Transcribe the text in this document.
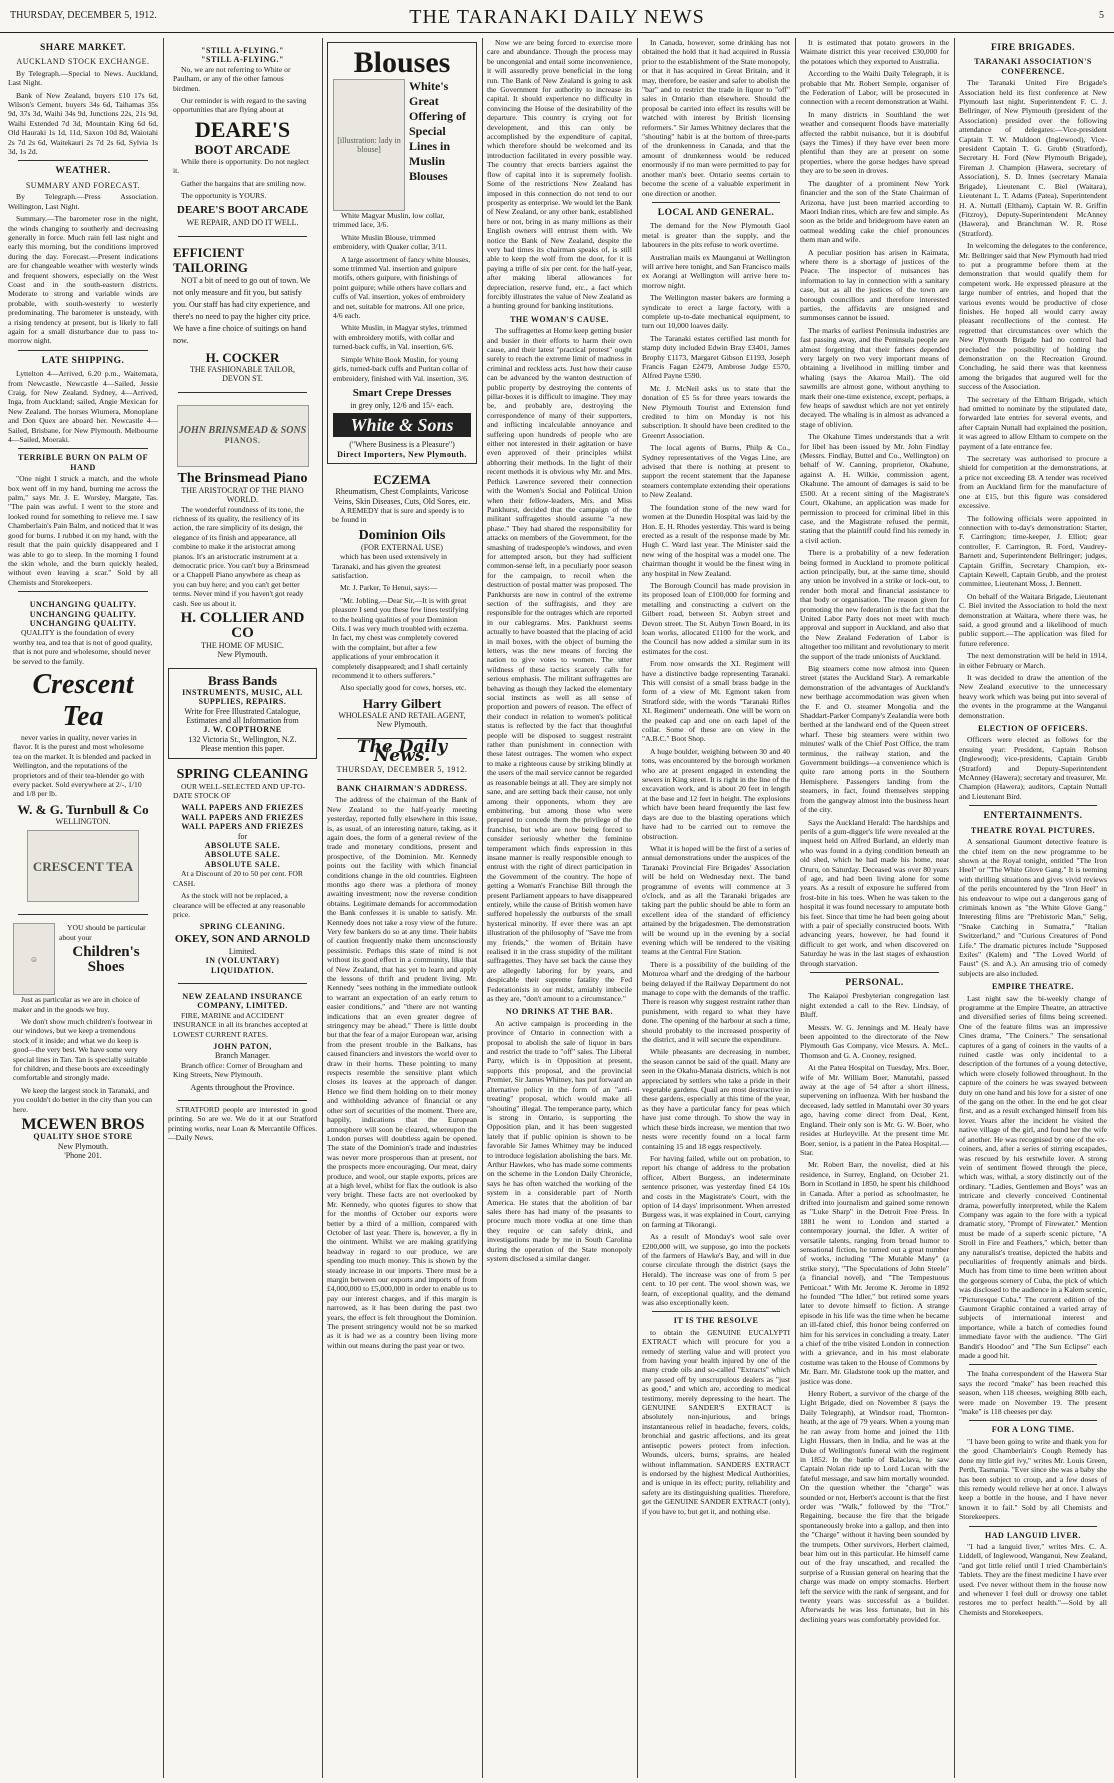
THURSDAY, DECEMBER 5, 1912.	THE TARANAKI DAILY NEWS	5
SHARE MARKET.
AUCKLAND STOCK EXCHANGE.

By Telegraph.—Special to News. Auckland, Last Night.

Bank of New Zealand, buyers £10 17s 6d, Wilson's Cement, buyers 34s 6d, Taihamas 35s 9d, 37s 3d, Waihi 34s 9d, Junctions 22s, 21s 9d, Waihi Extended 7d 3d, Mountain King 6d 6d, Old Hauraki 1s 1d, 11d, Saxon 10d 8d, Waiotahi 2s 7d 2s 6d, Waitekauri 2s 7d 2s 6d, Sylvia 1s 3d, 1s 2d.

WEATHER.
SUMMARY AND FORECAST.

By Telegraph.—Press Association. Wellington, Last Night.

Summary.—The barometer rose in the night, the winds changing to southerly and decreasing generally in force. Much rain fell last night and early this morning, but the conditions improved during the day. Forecast.—Present indications are for changeable weather with westerly winds and frequent showers, especially on the West Coast and in the south-eastern districts. Moderate to strong and variable winds are probable, with south-westerly to westerly predominating. The barometer is unsteady, with a rising tendency at present, but is likely to fall again for a small disturbance due to pass to-morrow night.

LATE SHIPPING.

Lyttelton 4—Arrived, 6.20 p.m., Waitemata, from Newcastle. Newcastle 4—Sailed, Jessie Craig, for New Zealand. Sydney, 4—Arrived, Inga, from Auckland; sailed, Angie Mexican for New Zealand. The horses Wiumera, Monoplane and Don Quex are aboard her. Newcastle 4—Sailed, Brisbane, for New Plymouth. Melbourne 4—Sailed, Moeraki.

TERRIBLE BURN ON PALM OF HAND

"One night I struck a match, and the whole box went off in my hand, burning me across the palm," says Mr. J. E. Worsley, Margate, Tas. "The pain was awful. I went to the store and looked round for something to relieve me. I saw Chamberlain's Pain Balm, and noticed that it was good for burns. I rubbed it on my hand, with the result that the pain quickly disappeared and I was able to go to sleep. In the morning I found the skin whole, and the burn quickly healed, without even leaving a scar." Sold by all Chemists and Storekeepers.

UNCHANGING QUALITY.
UNCHANGING QUALITY.
UNCHANGING QUALITY.

QUALITY is the foundation of every worthy tea, and tea that is not of good quality, that is not pure and wholesome, should never be served to the family.

Crescent Tea

never varies in quality, never varies in flavor. It is the purest and most wholesome tea on the market. It is blended and packed in Wellington, and the reputations of the proprietors and of their tea-blender go with every packet. Sold everywhere at 2/-, 1/10 and 1/8 per lb.

W. & G. Turnbull & Co
WELLINGTON.
CRESCENT TEA
☺

YOU should be particular about your

Children's Shoes

Just as particular as we are in choice of maker and in the goods we buy.

We don't show much children's footwear in our windows, but we keep a tremendous stock of it inside; and what we do keep is good—the very best. We have some very special lines in Tan. Tan is specially suitable for children, and these boots are exceedingly comfortable and strongly made.

We keep the largest stock in Taranaki, and you couldn't do better in the city than you can here.

MCEWEN BROS
QUALITY SHOE STORE
New Plymouth.
'Phone 201.
"STILL A-FLYING."
"STILL A-FLYING."

No, we are not referring to White or Paulham, or any of the other famous birdmen.

Our reminder is with regard to the saving opportunities that are flying about at

DEARE'S
BOOT ARCADE

While there is opportunity. Do not neglect it.

Gather the bargains that are smiling now.

The opportunity is YOURS.

DEARE'S BOOT ARCADE
WE REPAIR, AND DO IT WELL.
EFFICIENT
TAILORING

NOT a bit of need to go out of town. We not only measure and fit you, but satisfy you. Our staff has had city experience, and there's no need to pay the higher city price. We have a fine choice of suitings on hand now.

H. COCKER
THE FASHIONABLE TAILOR,
DEVON ST.
JOHN BRINSMEAD & SONS
PIANOS.
The Brinsmead Piano
THE ARISTOCRAT OF THE PIANO WORLD.

The wonderful roundness of its tone, the richness of its quality, the resiliency of its action, the rare simplicity of its design, the elegance of its finish and appearance, all combine to make it the aristocrat among pianos. It's an aristocratic instrument at a democratic price. You can't buy a Brinsmead or a Chappell Piano anywhere as cheap as you can buy here; and you can't get better terms. Never mind if you haven't got ready cash. See us about it.

H. COLLIER AND CO
THE HOME OF MUSIC.
New Plymouth.
Brass Bands
INSTRUMENTS, MUSIC, ALL SUPPLIES, REPAIRS.
Write for Free Illustrated Catalogue, Estimates and all Information from
J. W. COPTHORNE
132 Victoria St., Wellington, N.Z.
Please mention this paper.
SPRING CLEANING

OUR WELL-SELECTED AND UP-TO-DATE STOCK OF

WALL PAPERS AND FRIEZES
WALL PAPERS AND FRIEZES
WALL PAPERS AND FRIEZES
for
ABSOLUTE SALE.
ABSOLUTE SALE.
ABSOLUTE SALE.

At a Discount of 20 to 50 per cent. FOR CASH.

As the stock will not be replaced, a clearance will be effected at any reasonable price.

SPRING CLEANING.
OKEY, SON AND ARNOLD
Limited.
IN (VOLUNTARY) LIQUIDATION.
NEW ZEALAND INSURANCE COMPANY, LIMITED.

FIRE, MARINE and ACCIDENT INSURANCE in all its branches accepted at LOWEST CURRENT RATES.

JOHN PATON,
Branch Manager.

Branch office: Corner of Brougham and King Streets, New Plymouth.

Agents throughout the Province.

STRATFORD people are interested in good printing. So are we. We do it at our Stratford printing works, near Loan & Mercantile Offices.—Daily News.

Blouses
[illustration: lady in blouse]
White's Great Offering of Special Lines in Muslin Blouses

White Magyar Muslin, low collar, trimmed lace, 3/6.

White Muslin Blouse, trimmed embroidery, with Quaker collar, 3/11.

A large assortment of fancy white blouses, some trimmed Val. insertion and guipure motifs, others guipure, with finishings of point guipure; while others have collars and cuffs of Val. insertion, yokes of embroidery and net, suitable for matrons. All one price, 4/6 each.

White Muslin, in Magyar styles, trimmed with embroidery motifs, with collar and turned-back cuffs, in Val. insertion, 6/6.

Simple White Book Muslin, for young girls, turned-back cuffs and Puritan collar of embroidery, finished with Val. insertion, 3/6.

Smart Crepe Dresses
in grey only, 12/6 and 15/- each.
White & Sons
("Where Business is a Pleasure")
Direct Importers, New Plymouth.
ECZEMA
Rheumatism, Chest Complaints, Varicose Veins, Skin Diseases, Cuts, Old Sores, etc.

A REMEDY that is sure and speedy is to be found in

Dominion Oils
(FOR EXTERNAL USE)

which has been used extensively in Taranaki, and has given the greatest satisfaction.

Mr. J. Parker, Te Henui, says:—

"Mr. Jobling,—Dear Sir,—It is with great pleasure I send you these few lines testifying to the healing qualities of your Dominion Oils. I was very much troubled with eczema. In fact, my chest was completely covered with the complaint, but after a few applications of your embrocation it completely disappeared; and I shall certainly recommend it to others sufferers."

Also specially good for cows, horses, etc.

Harry Gilbert
WHOLESALE AND RETAIL AGENT,
New Plymouth.
The Daily News.
THURSDAY, DECEMBER 5, 1912.
BANK CHAIRMAN'S ADDRESS.

The address of the chairman of the Bank of New Zealand to the half-yearly meeting yesterday, reported fully elsewhere in this issue, is, as usual, of an interesting nature, taking, as it again does, the form of a general review of the trade and monetary conditions, present and prospective, of the Dominion. Mr. Kennedy points out the facility with which financial conditions change in the old countries. Eighteen months ago there was a plethora of money awaiting investment; now the reverse condition obtains. Legitimate demands for accommodation the Bank confesses it is unable to satisfy. Mr. Kennedy does not take a rosy view of the future. Very few bankers do so at any time. Their habits of caution frequently make them unconsciously pessimistic. Perhaps this state of mind is not without its good effect in a community, like that of New Zealand, that has yet to learn and apply the lessons of thrift and prudent living. Mr. Kennedy "sees nothing in the immediate outlook to warrant an expectation of an early return to easier conditions," and "there are not wanting indications that an even greater degree of stringency may be ahead." There is little doubt but that the fear of a major European war, arising from the present trouble in the Balkans, has caused financiers and investors the world over to draw in their horns. These pointing to many respects resemble the sensitive plant which closes its leaves at the approach of danger. Hence we find them holding on to their money and withholding advance of financial or any other sort of securities of the moment. There are, happily, indications that the European atmosphere will soon be cleared, whereupon the London purses will doubtless again be opened. The state of the Dominion's trade and industries was never more prosperous than at present, nor the prospects more encouraging. Our meat, dairy produce, and wool, our staple exports, prices are at a high level, whilst for flax the outlook is also very bright. These facts are not overlooked by Mr. Kennedy, who quotes figures to show that for the months of October our exports were better by a third of a million, compared with October of last year. There is, however, a fly in the ointment. Whilst we are making gratifying headway in regard to our produce, we are spending too much money. This is shown by the steady increase in our imports. There must be a margin between our exports and imports of from £4,000,000 to £5,000,000 in order to enable us to pay our interest charges, and if this margin is narrowed, as it has been during the past two years, the effect is felt throughout the Dominion. The present stringency would not be so marked as it is had we as a country been living more within out means during the past year or two.

Now we are being forced to exercise more care and abundance. Though the process may be uncongenial and entail some inconvenience, it will assuredly prove beneficial in the long run. The Bank of New Zealand is going to ask the Government for authority to increase its capital. It should experience no difficulty in convincing the House of the desirability of the departure. This country is crying out for development, and this can only be accomplished by the expenditure of capital, which therefore should be welcomed and its introduction facilitated in every possible way. The country that erects barriers against the flow of capital into it is supremely foolish. Some of the restrictions New Zealand has imposed in this connection do not tend to our prosperity as enterprise. We would let the Bank of New Zealand, or any other bank, established here or not, bring in as many millions as their English owners will entrust them with. We notice the Bank of New Zealand, despite the very bad times its chairman speaks of, is still able to keep the wolf from the door, for it is paying a trifle of six per cent. for the half-year, after making liberal allowances for depreciation, reserve fund, etc., a fact which forcibly illustrates the value of New Zealand as a hunting ground for banking institutions.

THE WOMAN'S CAUSE.

The suffragettes at Home keep getting busier and busier in their efforts to harm their own cause, and their latest "practical protest" ought surely to reach the extreme limit of madness in criminal and reckless acts. Just how their cause can be advanced by the wanton destruction of public property by destroying the contents of pillar-boxes it is difficult to imagine. They may be, and probably are, destroying the correspondence of many of their supporters, and inflicting incalculable annoyance and suffering upon hundreds of people who are either not interested in their agitation or have even approved of their principles whilst abhorring their methods. In the light of their recent methods it is obvious why Mr. and Mrs. Pethick Lawrence severed their connection with the Women's Social and Political Union when their fellow-leaders, Mrs. and Miss Pankhurst, decided that the campaign of the militant suffragettes should assume "a new phase." They had shared the responsibility for attacks on members of the Government, for the smashing of tradespeople's windows, and even for attempted arson, but they had sufficient common-sense left, in a peculiarly poor season for the campaign, to recoil when the destruction of postal matter was proposed. The Pankhursts are now in control of the extreme section of the suffragists, and they are responsible for the outrages which are reported in our cablegrams. Mrs. Pankhurst seems actually to have boasted that the placing of acid in mail boxes, with the object of burning the letters, was the new means of forcing the nation to give votes to women. The utter wildness of these tactics scarcely calls for serious emphasis. The militant suffragettes are behaving as though they lacked the elementary social instincts as well as all sense of proportion and powers of reason. The effect of their conduct in relation to women's political status is reflected by the fact that thoughtful people will be disposed to suggest restraint rather than punishment in connection with these latest outrages. The women who expect to make a righteous cause by striking blindly at the users of the mail service cannot be regarded as reasonable beings at all. They are simply not sane, and are setting back their cause, not only among their opponents, whom they are embittering, but among those who were prepared to concede them the privilege of the franchise, but who are now being forced to consider seriously whether the feminine temperament which finds expression in this insane manner is really responsible enough to entrust with the right of direct participation in the Government of the country. The hope of getting a Woman's Franchise Bill through the present Parliament appears to have disappeared entirely, while the cause of British women have suffered hopelessly the outbursts of the small hysterical minority. If ever there was an apt illustration of the philosophy of "Save me from my friends," the women of Britain have realised it in the crass stupidity of the militant suffragettes. They have set back the cause they are allegedly laboring for by years, and despicable their supreme fatality the Fed Federationists in our midst, amiably imbecile as they are, "don't amount to a circumstance."

NO DRINKS AT THE BAR.

An active campaign is proceeding in the province of Ontario in connection with a proposal to abolish the sale of liquor in bars and restrict the trade to "off" sales. The Liberal Party, which is in Opposition at present, supports this proposal, and the provincial Premier, Sir James Whitney, has put forward an alternative policy in the form of an "anti-treating" proposal, which would make all "shouting" illegal. The temperance party, which is strong in Ontario, is supporting the Opposition plan, and it has been suggested lately that if public opinion is shown to be favorable Sir James Whitney may be induced to introduce legislation abolishing the bars. Mr. Arthur Hawkes, who has made some comments on the scheme in the London Daily Chronicle, says he has often watched the working of the system in a considerable part of North America. He states that the abolition of bar sales there has had many of the peasants to procure much more vodka at one time than they require or can safely drink, and investigations made by me in South Carolina during the operation of the State monopoly system disclosed a similar danger.

In Canada, however, some drinking has not obtained the hold that it had acquired in Russia prior to the establishment of the State monopoly, or that it has acquired in Great Britain, and it may, therefore, be easier and safer to abolish the "bar" and to restrict the trade in liquor to "off" sales in Ontario than elsewhere. Should the proposal be carried into effect its results will be watched with interest by British licensing reformers." Sir James Whitney declares that the "shouting" habit is at the bottom of three-parts of the drunkenness in Canada, and that the amount of drunkenness would be reduced enormously if no man were permitted to pay for another man's beer. Ontario seems certain to become the scene of a valuable experiment in one direction or another.

LOCAL AND GENERAL.

The demand for the New Plymouth Gaol metal is greater than the supply, and the labourers in the pits refuse to work overtime.

Australian mails ex Maunganui at Wellington will arrive here tonight, and San Francisco mails ex Aorangi at Wellington will arrive here to-morrow night.

The Wellington master bakers are forming a syndicate to erect a large factory, with a complete up-to-date mechanical equipment, to turn out 10,000 loaves daily.

The Taranaki estates certified last month for stamp duty included Edwin Bray £3401, James Brophy £1173, Margaret Gibson £1193, Joseph Francis Fagan £2479, Ambrose Judge £570, Alfred Payne £590.

Mr. J. McNeil asks us to state that the donation of £5 5s for three years towards the New Plymouth Tourist and Extension fund credited to him on Monday is not his subscription. It should have been credited to the Greenrt Association.

The local agents of Burns, Philp & Co., Sydney representatives of the Vegas Line, are advised that there is nothing at present to support the recent statement that the Japanese steamers contemplate extending their operations to New Zealand.

The foundation stone of the new ward for women at the Dunedin Hospital was laid by the Hon. E. H. Rhodes yesterday. This ward is being erected as a result of the response made by Mr. Hugh C. Ward last year. The Minister said the new wing of the hospital was a model one. The chairman thought it would be the finest wing in any hospital in New Zealand.

The Borough Council has made provision in its proposed loan of £100,000 for forming and metalling and constructing a culvert on the Gilbert road, between St. Aubyn street and Devon street. The St. Aubyn Town Board, in its loan works, allocated £1100 for the work, and the Council has now added a similar sum in its estimates for the cost.

From now onwards the XI. Regiment will have a distinctive badge representing Taranaki. This will consist of a small brass badge in the form of a view of Mt. Egmont taken from Stratford side, with the words "Taranaki Rifles XI. Regiment" underneath. One will be worn on the peaked cap and one on each lapel of the collar. Some of these are on view in the "A.B.C." Boot Shop.

A huge boulder, weighing between 30 and 40 tons, was encountered by the borough workmen who are at present engaged in extending the sewers in King street. It is right in the line of the excavation work, and is about 20 feet in length at the base and 12 feet in height. The explosions which have been heard frequently the last few days are due to the blasting operations which have had to be carried out to remove the obstruction.

What it is hoped will be the first of a series of annual demonstrations under the auspices of the Taranaki Provincial Fire Brigades' Association will be held on Wednesday next. The band programme of events will commence at 3 o'clock, and as all the Taranaki brigades are taking part the public should be able to form an excellent idea of the standard of efficiency attained by the brigadesmen. The demonstration will be wound up in the evening by a social evening which will be tendered to the visiting teams at the Central Fire Station.

There is a possibility of the building of the Moturoa wharf and the dredging of the harbour being delayed if the Railway Department do not manage to cope with the demands of the traffic. There is reason why suggest restraint rather than punishment, with regard to what they have done. The opening of the harbour at such a time, should probably to the increased prosperity of the district, and it will secure the expenditure.

While pheasants are decreasing in number, the season cannot be said of the quail. Many are seen in the Okahu-Manaia districts, which is not appreciated by settlers who take a pride in their vegetable gardens. Quail are most destructive in these gardens, especially at this time of the year, as they have a particular fancy for peas which have just come through. To show the way in which these birds increase, we mention that two nests were recently found on a local farm containing 15 and 18 eggs respectively.

For having failed, while out on probation, to report his change of address to the probation officer, Albert Burgess, an indeterminate sentence prisoner, was yesterday fined £4 10s and costs in the Magistrate's Court, with the option of 14 days' imprisonment. When arrested Burgess was, it was explained in Court, carrying on farming at Tikorangi.

As a result of Monday's wool sale over £200,000 will, we suppose, go into the pockets of the farmers of Hawke's Bay, and will in due course circulate through the district (says the Herald). The increase was one of from 5 per cent. to 10 per cent. The wool shown was, we learn, of exceptional quality, and the demand was also exceptionally keen.

IT IS THE RESOLVE

to obtain the GENUINE EUCALYPTI EXTRACT which will procure for you a remedy of sterling value and will protect you from having your health injured by one of the many crude oils and so-called "Extracts" which are passed off by unscrupulous dealers as "just as good," and which are, according to medical testimony, merely depressing to the heart. The GENUINE SANDER'S EXTRACT is absolutely non-injurious, and brings instantaneous relief in headache, fevers, colds, bronchial and gastric affections, and its great antiseptic powers protect from infection. Wounds, ulcers, burns, sprains, are healed without inflammation. SANDERS EXTRACT is endorsed by the highest Medical Authorities, and is unique in its effect; purity, reliability and safety are its distinguishing qualities. Therefore, get the GENUINE SANDER EXTRACT (only), if you have to, but get it, and nothing else.

It is estimated that potato growers in the Waimate district this year received £30,000 for the potatoes which they exported to Australia.

According to the Waihi Daily Telegraph, it is probable that Mr. Robert Semple, organiser of the Federation of Labor, will be prosecuted in connection with a recent demonstration at Waihi.

In many districts in Southland the wet weather and consequent floods have materially affected the rabbit nuisance, but it is doubtful (says the Times) if they have ever been more plentiful than they are at present on some properties, where the gorse hedges have spread they are to be seen in droves.

The daughter of a prominent New York financier and the son of the State Chairman of Arizona, have just been married according to Maori Indian rites, which are few and simple. As soon as the bride and bridegroom have eaten an oatmeal wedding cake the chief pronounces them man and wife.

A peculiar position has arisen in Kaimata, where there is a shortage of justices of the Peace. The inspector of nuisances has information to lay in connection with a sanitary case, but as all the justices of the town are borough councillors and therefore interested parties, the affidavits are unsigned and summonses cannot be issued.

The marks of earliest Peninsula industries are fast passing away, and the Peninsula people are almost forgetting that their fathers depended very largely on two very important means of obtaining a livelihood in milling timber and whaling (says the Akaroa Mail). The old sawmills are almost gone, without anything to mark their one-time existence, except, perhaps, a few heaps of sawdust which are not yet entirely decayed. The whaling is in almost as advanced a stage of oblivion.

The Okahune Times understands that a writ for libel has been issued by Mr. John Findlay (Messrs. Findlay, Buttel and Co., Wellington) on behalf of W. Canning, proprietor, Okahune, against A. H. Wilkie, commission agent, Okahune. The amount of damages is said to be £500. At a recent sitting of the Magistrate's Court, Okahune, an application was made for permission to proceed for criminal libel in this case, and the Magistrate refused the permit, stating that the plaintiff could find his remedy in a civil action.

There is a probability of a new federation being formed in Auckland to promote political action principally, but, at the same time, should any union be involved in a strike or lock-out, to render both moral and financial assistance to that body or organisation. The reason given for promoting the new federation is the fact that the United Labor Party does not meet with much approval and support in Auckland, and also that the New Zealand Federation of Labor is altogether too militant and revolutionary to merit the support of the trade unionists of Auckland.

Big steamers come now almost into Queen street (states the Auckland Star). A remarkable demonstration of the advantages of Auckland's new berthage accommodation was given when the F. and O. steamer Mongolia and the Shaddart-Parker Company's Zealandia were both berthed at the landward end of the Queen street wharf. These big steamers were within two minutes' walk of the Chief Post Office, the tram terminus, the railway station, and the Government buildings—a convenience which is quite rare among ports in the Southern Hemisphere. Passengers landing from the steamers, in fact, found themselves stepping from the gangway almost into the business heart of the city.

Says the Auckland Herald: The hardships and perils of a gum-digger's life were revealed at the inquest held on Alfred Burland, an elderly man who was found in a dying condition beneath an old shed, which he had made his home, near Oruru, on Saturday. Deceased was over 80 years of age, and had been living alone for some years. As a result of exposure he suffered from frost-bite in his toes. When he was taken to the hospital it was found necessary to amputate both his feet. Since that time he had been going about with a pair of specially constructed boots. With advancing years, however, he had found it difficult to get work, and when discovered on Saturday he was in the last stages of exhaustion through starvation.

PERSONAL.

The Kaiapoi Presbyterian congregation last night extended a call to the Rev. Lindsay, of Bluff.

Messrs. W. G. Jennings and M. Healy have been appointed to the directorate of the New Plymouth Gas Company, vice Messrs. A. McL. Thomson and G. A. Cooney, resigned.

At the Patea Hospital on Tuesday, Mrs. Boer, wife of Mr. William Boer, Manutahi, passed away at the age of 54 after a short illness, supervening on influenza. With her husband the deceased, lady settled in Manutahi over 30 years ago, having come direct from Deal, Kent, England. Their only son is Mr. G. W. Boer, who resides at Hurleyville. At the present time Mr. Boer, senior, is a patient in the Patea Hospital.—Star.

Mr. Robert Barr, the novelist, died at his residence, in Surrey, England, on October 21. Born in Scotland in 1850, he spent his childhood in Canada. After a period as schoolmaster, he drifted into journalism and gained some renown as "Luke Sharp" in the Detroit Free Press. In 1881 he went to London and started a contemporary journal, the Idler. A writer of versatile talents, ranging from broad humor to sensational fiction, he turned out a great number of works, including "The Mutable Many" (a strike story), "The Speculations of John Steele" (a financial novel), and "The Tempestuous Petticoat." With Mr. Jerome K. Jerome in 1892 he founded "The Idler," but retired some years later to devote himself to fiction. A strange episode in his life was the time when he became an ill-fated chief, this honor being conferred on him for his services in concluding a treaty. Later a chief of the tribe visited London in connection with a grievance, and in his most elaborate costume was taken to the House of Commons by Mr. Barr. Mr. Gladstone took up the matter, and justice was done.

Henry Robert, a survivor of the charge of the Light Brigade, died on November 8 (says the Daily Telegraph), at Windsor road, Thornton-heath, at the age of 79 years. When a young man he ran away from home and joined the 11th Light Hussars, then in India, and he was at the Duke of Wellington's funeral with the regiment in 1852. In the battle of Balaclava, he saw Captain Nolan ride up to Lord Lucan with the fateful message, and saw him mortally wounded. On the question whether the "charge" was sounded or not, Herbert's account is that the first order was "Walk," followed by the "Trot." Regaining, because the fire that the brigade spontaneously broke into a gallop, and then into the "Charge" without it having been sounded by the trumpets. Other survivors, Herbert claimed, bear him out in this particular. He himself came out of the fray unscathed, and recalled the surprise of a Russian general on hearing that the charge was made on empty stomachs. Herbert left the service with the rank of sergeant, and for twenty years was successful as a builder. Afterwards he was less fortunate, but in his declining years was comfortably provided for.

FIRE BRIGADES.
TARANAKI ASSOCIATION'S CONFERENCE.

The Taranaki United Fire Brigade's Association held its first conference at New Plymouth last night. Superintendent F. C. J. Bellringer, of New Plymouth (president of the Association) presided over the following attendance of delegates:—Vice-president Captain T. W. Muldoon (Inglewood), Vice-president Captain T. G. Grubb (Stratford), Secretary H. Ford (New Plymouth Brigade), Fireman J. Champion (Hawera, secretary of Association), S. D. Innes (secretary Manaia Brigade), Lieutenant C. Biel (Waitara), Lieutenant L. T. Adams (Patea), Superintendent H. A. Nuttall (Eltham), Captain W. R. Griffin (Fitzroy), Deputy-Superintendent McAnney (Hawera), and Branchman W. R. Rose (Stratford).

In welcoming the delegates to the conference, Mr. Bellringer said that New Plymouth had tried to put a programme before them at the demonstration that would qualify them for competent work. He expressed pleasure at the large number of entries, and hoped that the various events would be productive of close finishes. He hoped all would carry away pleasant recollections of the contest. He regretted that circumstances over which the New Plymouth Brigade had no control had precluded the possibility of holding the demonstration on the Recreation Ground. Concluding, he said there was that keenness among the brigades that augured well for the success of the Association.

The secretary of the Eltham Brigade, which had omitted to nominate by the stipulated date, forwarded late entries for several events, and after Captain Nuttall had explained the position, it was agreed to allow Eltham to compete on the payment of a late entrance fee.

The secretary was authorised to procure a shield for competition at the demonstrations, at a price not exceeding £8. A tender was received from an Auckland firm for the manufacture of one at £15, but this figure was considered excessive.

The following officials were appointed in connection with to-day's demonstration: Starter, F. Carrington; time-keeper, J. Elliot; gear controller, F. Carrington, R. Ford, Vaudrey-Barnett and, Superintendent Bellringer; judges, Captain Griffin, Secretary Champion, ex-Captain Kewell, Captain Grubb, and the protest committee, Lieutenant Moss, J. Bennett.

On behalf of the Waitara Brigade, Lieutenant C. Biel invited the Association to hold the next demonstration at Waitara, where there was, he said, a good ground and a likelihood of much public support.—The application was filed for future reference.

The next demonstration will be held in 1914, in either February or March.

It was decided to draw the attention of the New Zealand executive to the unnecessary heavy work which was being put into several of the events in the programme at the Wanganui demonstration.

ELECTION OF OFFICERS.

Officers were elected as follows for the ensuing year: President, Captain Robson (Inglewood); vice-presidents, Captain Grubb (Stratford) and Deputy-Superintendent McAnney (Hawera); secretary and treasurer, Mr. Champion (Hawera); auditors, Captain Nuttall and Lieutenant Bird.

ENTERTAINMENTS.
THEATRE ROYAL PICTURES.

A sensational Gaumont detective feature is the chief item on the new programme to be shown at the Royal tonight, entitled "The Iron Heel" or "The White Glove Gang." It is teeming with thrilling situations and gives vivid reviews of the perils encountered by the "Iron Heel" in his endeavour to wipe out a dangerous gang of criminals known as "the White Glove Gang." Interesting films are "Prehistoric Man," Selig, "Snake Catching in Sumatra," "Italian Switzerland," and "Curious Creatures of Pond Life." The dramatic pictures include "Supposed Exiles" (Kalem) and "The Loved World of Faust" (S. and A.). An amusing trio of comedy subjects are also included.

EMPIRE THEATRE.

Last night saw the bi-weekly change of programme at the Empire Theatre, an attractive and diversified series of films being screened. One of the feature films was an impressive Cines drama, "The Coiners." The sensational captures of a gang of coiners in the vaults of a ruined castle was only incidental to a description of the fortunes of a young detective, which were closely followed throughout. In the capture of the coiners he was swayed between duty on one hand and his love for a sister of one of the gang on the other. In the end he got clear first, and as a result exchanged himself from his lover. Years after the incident he visited the native village of the girl, and found her the wife of another. He was recognised by one of the ex-coiners, and, after a series of stirring escapades, was rescued by his erstwhile lover. A strong vein of sentiment flowed through the piece, which was, withal, a story distinctly out of the ordinary. "Ladies, Gentlemen and Boys" was an intricate and cleverly conceived Continental drama, powerfully interpreted, while the Kalem Company was again to the fore with a typical dramatic story, "Prompt of Firewater." Mention must be made of a superb scenic picture, "A Stroll in Fire and Feathers," which, better than any naturalist's treatise, depicted the habits and peculiarities of frequently animals and birds. Much has from time to time been written about the gorgeous scenery of Cuba, the pick of which was disclosed to the audience in a Kalem scenic, "Picturesque Cuba." The current edition of the Gaumont Graphic contained a varied array of subjects of international interest and importance, while a batch of comedies found immediate favor with the audience. "The Girl Bandit's Hoodoo" and "The Sun Eclipse" each made a good hit.

The Inaha correspondent of the Hawera Star says the record "make" has been reached this season, when 118 cheeses, weighing 80lb each, were made on November 19. The present "make" is 118 cheeses per day.

FOR A LONG TIME.

"I have been going to write and thank you for the good Chamberlain's Cough Remedy has done my little girl ivy," writes Mr. Louis Green, Perth, Tasmania. "Ever since she was a baby she has been subject to croup, and a few doses of this remedy would relieve her at once. I always keep a bottle in the house, and I have never known it to fail." Sold by all Chemists and Storekeepers.

HAD LANGUID LIVER.

"I had a languid liver," writes Mrs. C. A. Liddell, of Inglewood, Wanganui, New Zealand, "and got little relief until I tried Chamberlain's Tablets. They are the finest medicine I have ever used. I've never without them in the house now and whenever I feel dull or drowsy one tablet restores me to perfect health."—Sold by all Chemists and Storekeepers.
